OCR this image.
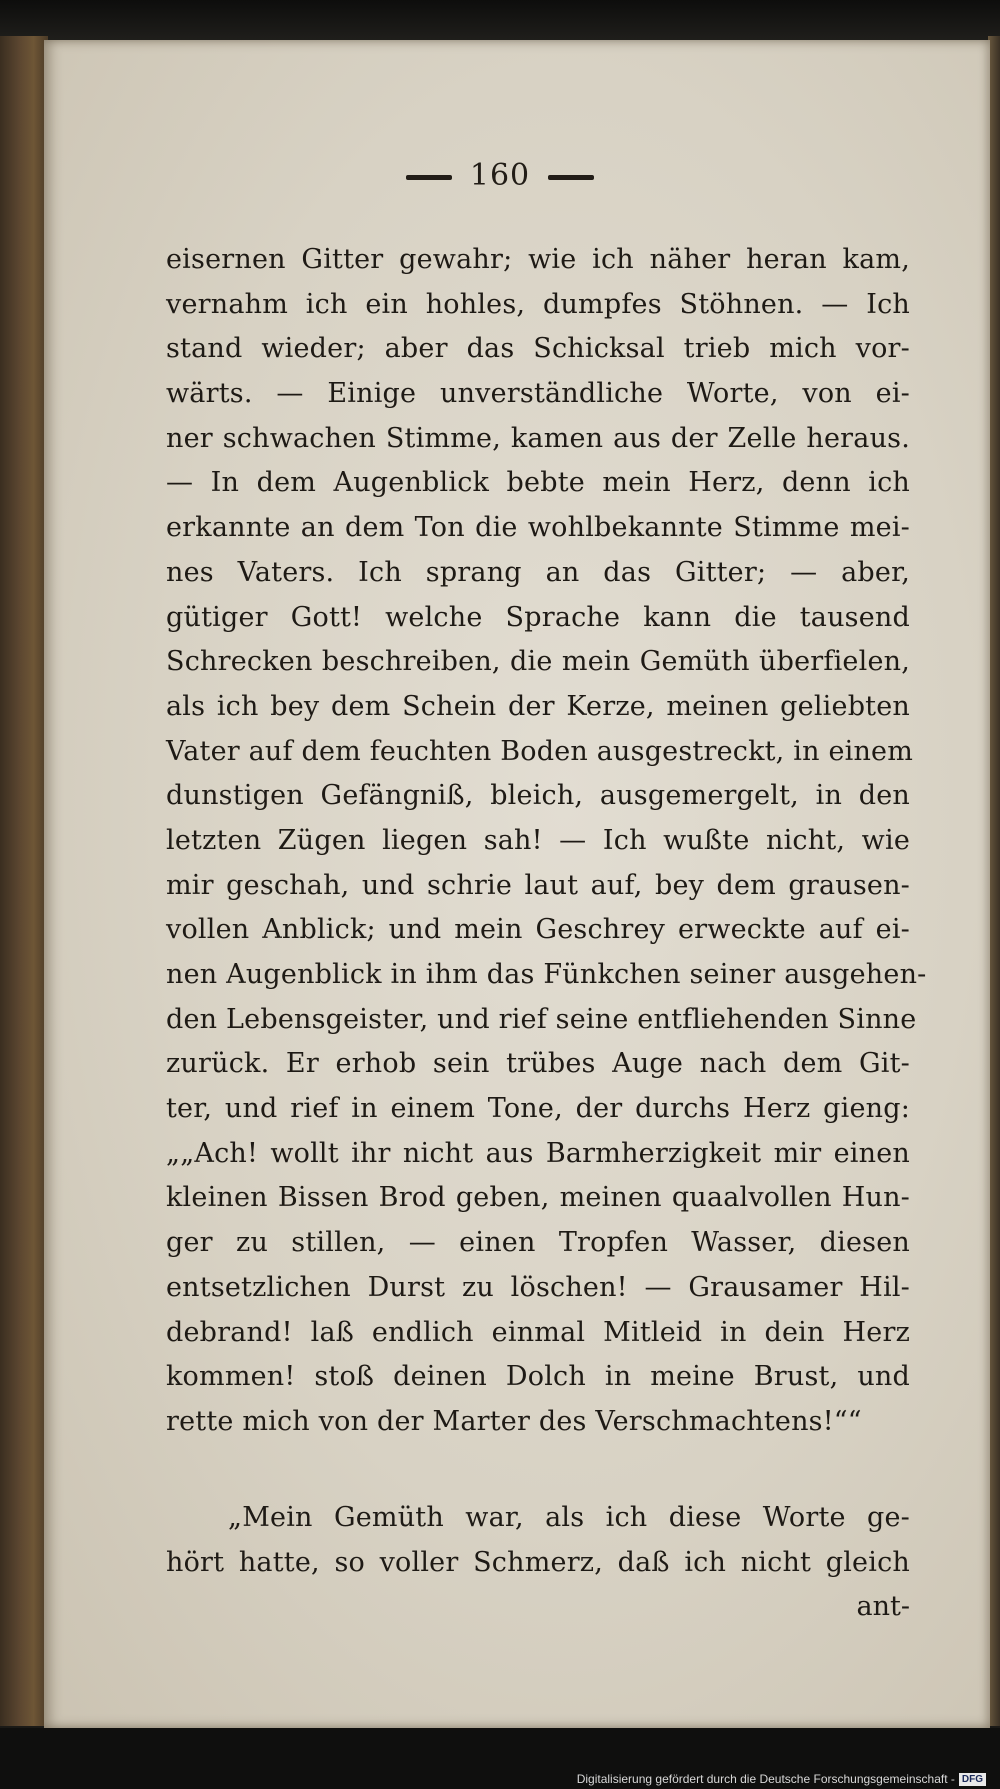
160
eisernen Gitter gewahr; wie ich näher heran kam,
vernahm ich ein hohles, dumpfes Stöhnen. — Ich
stand wieder; aber das Schicksal trieb mich vor-
wärts. — Einige unverständliche Worte, von ei-
ner schwachen Stimme, kamen aus der Zelle heraus.
— In dem Augenblick bebte mein Herz, denn ich
erkannte an dem Ton die wohlbekannte Stimme mei-
nes Vaters. Ich sprang an das Gitter; — aber,
gütiger Gott! welche Sprache kann die tausend
Schrecken beschreiben, die mein Gemüth überfielen,
als ich bey dem Schein der Kerze, meinen geliebten
Vater auf dem feuchten Boden ausgestreckt, in einem
dunstigen Gefängniß, bleich, ausgemergelt, in den
letzten Zügen liegen sah! — Ich wußte nicht, wie
mir geschah, und schrie laut auf, bey dem grausen-
vollen Anblick; und mein Geschrey erweckte auf ei-
nen Augenblick in ihm das Fünkchen seiner ausgehen-
den Lebensgeister, und rief seine entfliehenden Sinne
zurück. Er erhob sein trübes Auge nach dem Git-
ter, und rief in einem Tone, der durchs Herz gieng:
„„Ach! wollt ihr nicht aus Barmherzigkeit mir einen
kleinen Bissen Brod geben, meinen quaalvollen Hun-
ger zu stillen, — einen Tropfen Wasser, diesen
entsetzlichen Durst zu löschen! — Grausamer Hil-
debrand! laß endlich einmal Mitleid in dein Herz
kommen! stoß deinen Dolch in meine Brust, und
rette mich von der Marter des Verschmachtens!““
„Mein Gemüth war, als ich diese Worte ge-
hört hatte, so voller Schmerz, daß ich nicht gleich
ant-
Digitalisierung gefördert durch die Deutsche Forschungsgemeinschaft - DFG
